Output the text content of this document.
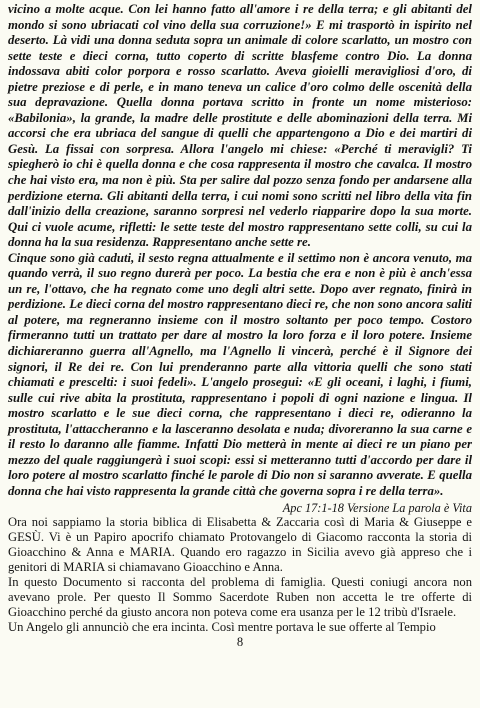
vicino a molte acque. Con lei hanno fatto all'amore i re della terra; e gli abitanti del mondo si sono ubriacati col vino della sua corruzione!» E mi trasportò in ispirito nel deserto. Là vidi una donna seduta sopra un animale di colore scarlatto, un mostro con sette teste e dieci corna, tutto coperto di scritte blasfeme contro Dio. La donna indossava abiti color porpora e rosso scarlatto. Aveva gioielli meravigliosi d'oro, di pietre preziose e di perle, e in mano teneva un calice d'oro colmo delle oscenità della sua depravazione. Quella donna portava scritto in fronte un nome misterioso: «Babilonia», la grande, la madre delle prostitute e delle abominazioni della terra. Mi accorsi che era ubriaca del sangue di quelli che appartengono a Dio e dei martiri di Gesù. La fissai con sorpresa. Allora l'angelo mi chiese: «Perché ti meravigli? Ti spiegherò io chi è quella donna e che cosa rappresenta il mostro che cavalca. Il mostro che hai visto era, ma non è più. Sta per salire dal pozzo senza fondo per andarsene alla perdizione eterna. Gli abitanti della terra, i cui nomi sono scritti nel libro della vita fin dall'inizio della creazione, saranno sorpresi nel vederlo riapparire dopo la sua morte. Qui ci vuole acume, rifletti: le sette teste del mostro rappresentano sette colli, su cui la donna ha la sua residenza. Rappresentano anche sette re.

Cinque sono già caduti, il sesto regna attualmente e il settimo non è ancora venuto, ma quando verrà, il suo regno durerà per poco. La bestia che era e non è più è anch'essa un re, l'ottavo, che ha regnato come uno degli altri sette. Dopo aver regnato, finirà in perdizione. Le dieci corna del mostro rappresentano dieci re, che non sono ancora saliti al potere, ma regneranno insieme con il mostro soltanto per poco tempo. Costoro firmeranno tutti un trattato per dare al mostro la loro forza e il loro potere. Insieme dichiareranno guerra all'Agnello, ma l'Agnello li vincerà, perché è il Signore dei signori, il Re dei re. Con lui prenderanno parte alla vittoria quelli che sono stati chiamati e prescelti: i suoi fedeli». L'angelo prosegui: «E gli oceani, i laghi, i fiumi, sulle cui rive abita la prostituta, rappresentano i popoli di ogni nazione e lingua. Il mostro scarlatto e le sue dieci corna, che rappresentano i dieci re, odieranno la prostituta, l'attaccheranno e la lasceranno desolata e nuda; divoreranno la sua carne e il resto lo daranno alle fiamme. Infatti Dio metterà in mente ai dieci re un piano per mezzo del quale raggiungerà i suoi scopi: essi si metteranno tutti d'accordo per dare il loro potere al mostro scarlatto finché le parole di Dio non si saranno avverate. E quella donna che hai visto rappresenta la grande città che governa sopra i re della terra».

Apc 17:1-18 Versione La parola è Vita

Ora noi sappiamo la storia biblica di Elisabetta & Zaccaria così di Maria & Giuseppe e GESÙ. Vi è un Papiro apocrifo chiamato Protovangelo di Giacomo racconta la storia di Gioacchino & Anna e MARIA. Quando ero ragazzo in Sicilia avevo già appreso che i genitori di MARIA si chiamavano Gioacchino e Anna.

In questo Documento si racconta del problema di famiglia. Questi coniugi ancora non avevano prole. Per questo Il Sommo Sacerdote Ruben non accetta le tre offerte di Gioacchino perché da giusto ancora non poteva come era usanza per le 12 tribù d'Israele.

Un Angelo gli annunciò che era incinta. Così mentre portava le sue offerte al Tempio

8
